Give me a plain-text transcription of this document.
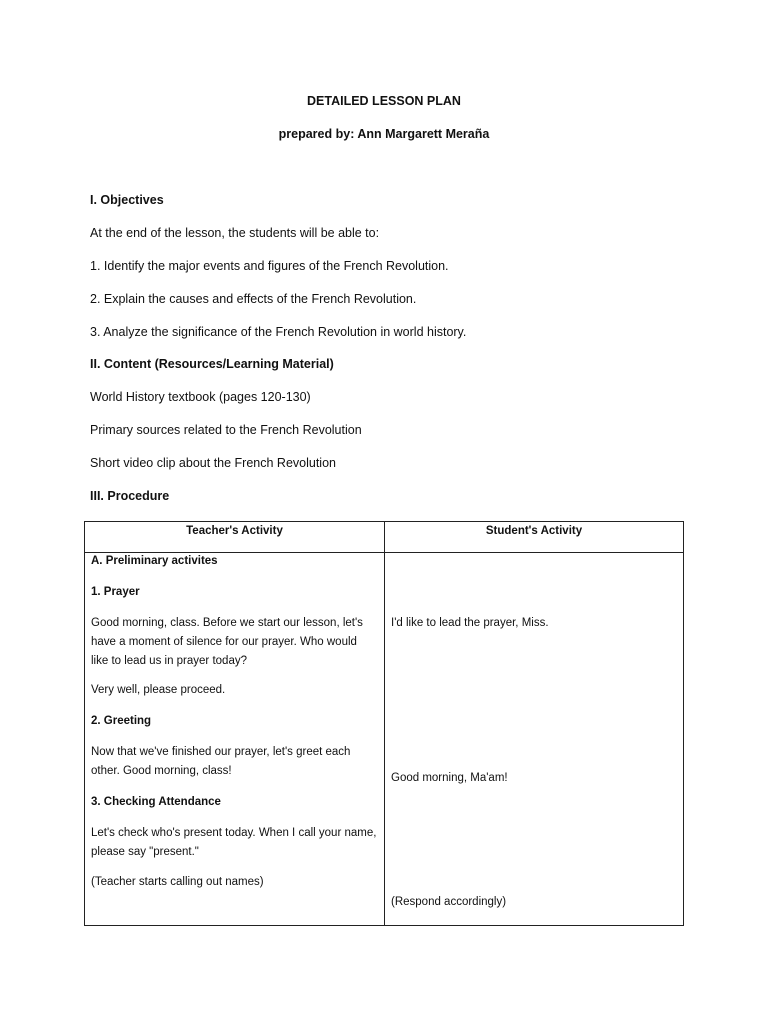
DETAILED LESSON PLAN
prepared by: Ann Margarett Meraña
I. Objectives
At the end of the lesson, the students will be able to:
1. Identify the major events and figures of the French Revolution.
2. Explain the causes and effects of the French Revolution.
3. Analyze the significance of the French Revolution in world history.
II. Content (Resources/Learning Material)
World History textbook (pages 120-130)
Primary sources related to the French Revolution
Short video clip about the French Revolution
III. Procedure
Teacher's Activity	Student's Activity
A. Preliminary activites
1. Prayer
Good morning, class. Before we start our lesson, let's
have a moment of silence for our prayer. Who would
like to lead us in prayer today?
Very well, please proceed.
2. Greeting
Now that we've finished our prayer, let's greet each
other. Good morning, class!
3. Checking Attendance
Let's check who's present today. When I call your name,
please say "present."
(Teacher starts calling out names)
I'd like to lead the prayer, Miss.
Good morning, Ma'am!
(Respond accordingly)
